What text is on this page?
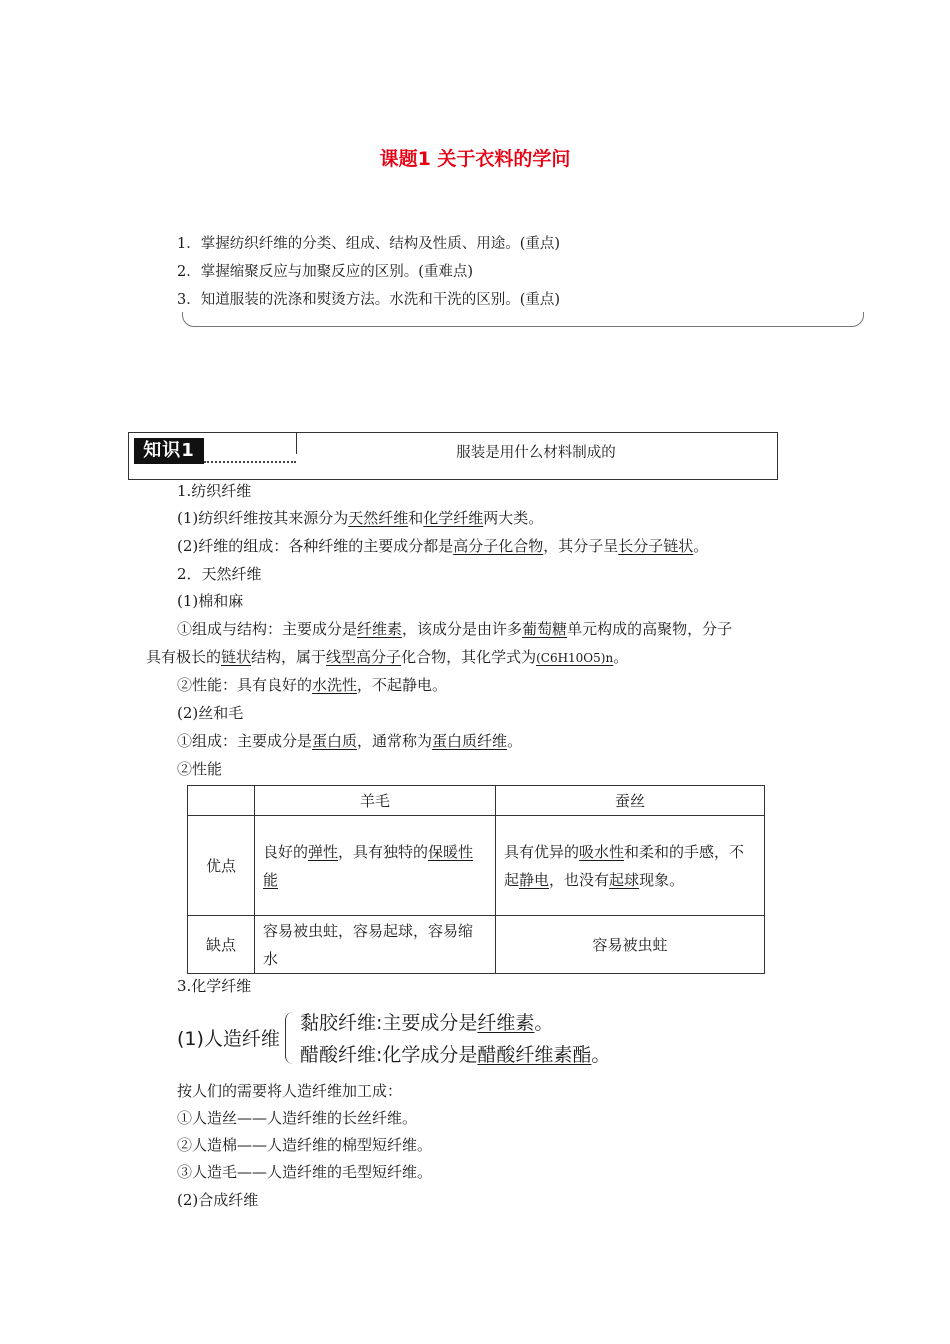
课题1 关于衣料的学问
1．掌握纺织纤维的分类、组成、结构及性质、用途。(重点)
2．掌握缩聚反应与加聚反应的区别。(重难点)
3．知道服装的洗涤和熨烫方法。水洗和干洗的区别。(重点)
知识1	服装是用什么材料制成的
1.纺织纤维
(1)纺织纤维按其来源分为天然纤维和化学纤维两大类。
(2)纤维的组成：各种纤维的主要成分都是高分子化合物，其分子呈长分子链状。
2．天然纤维
(1)棉和麻
①组成与结构：主要成分是纤维素，该成分是由许多葡萄糖单元构成的高聚物，分子
具有极长的链状结构，属于线型高分子化合物，其化学式为(C6H10O5)n。
②性能：具有良好的水洗性，不起静电。
(2)丝和毛
①组成：主要成分是蛋白质，通常称为蛋白质纤维。
②性能
	羊毛	蚕丝
优点	良好的弹性，具有独特的保暖性能	具有优异的吸水性和柔和的手感，不起静电，也没有起球现象。
缺点	容易被虫蛀，容易起球，容易缩水	容易被虫蛀
3.化学纤维
(1)人造纤维
黏胶纤维:主要成分是纤维素。
醋酸纤维:化学成分是醋酸纤维素酯。
按人们的需要将人造纤维加工成：
①人造丝——人造纤维的长丝纤维。
②人造棉——人造纤维的棉型短纤维。
③人造毛——人造纤维的毛型短纤维。
(2)合成纤维
